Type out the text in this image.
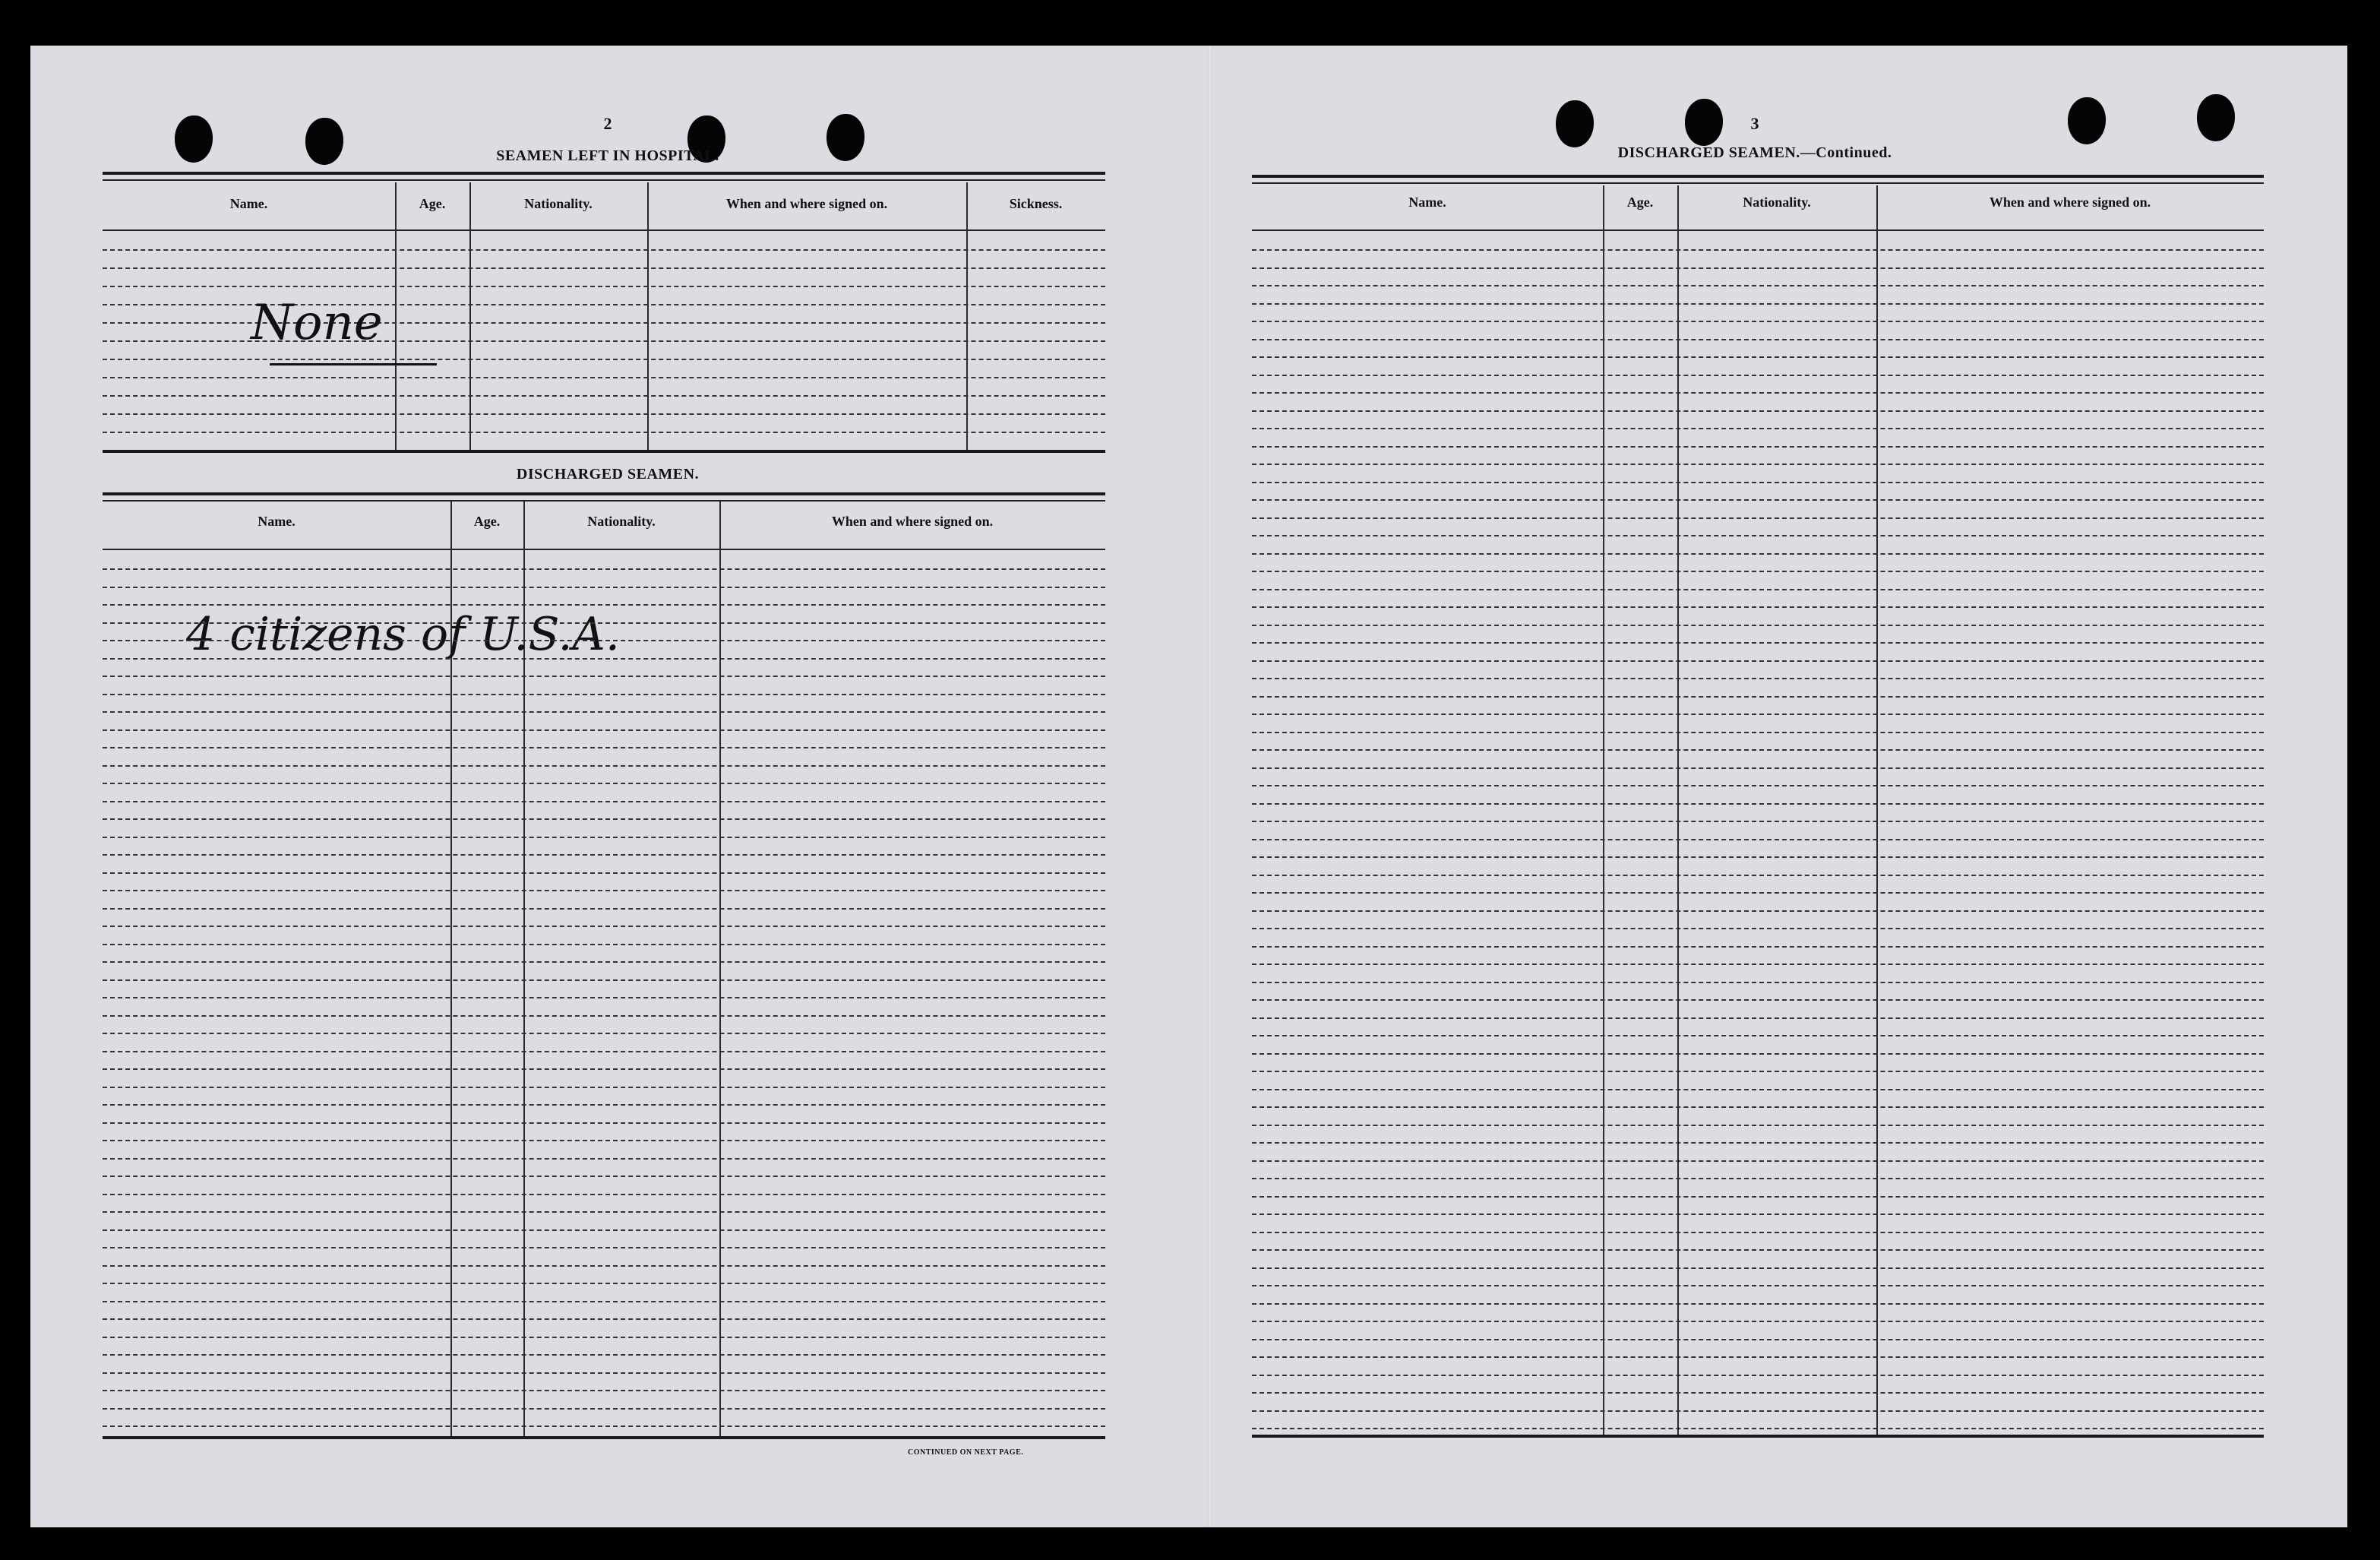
2
SEAMEN LEFT IN HOSPITAL.
Name.	Age.	Nationality.	When and where signed on.	Sickness.
None
DISCHARGED SEAMEN.
Name.	Age.	Nationality.	When and where signed on.
4 citizens of U.S.A.
CONTINUED ON NEXT PAGE.
3
DISCHARGED SEAMEN.—Continued.
Name.	Age.	Nationality.	When and where signed on.
